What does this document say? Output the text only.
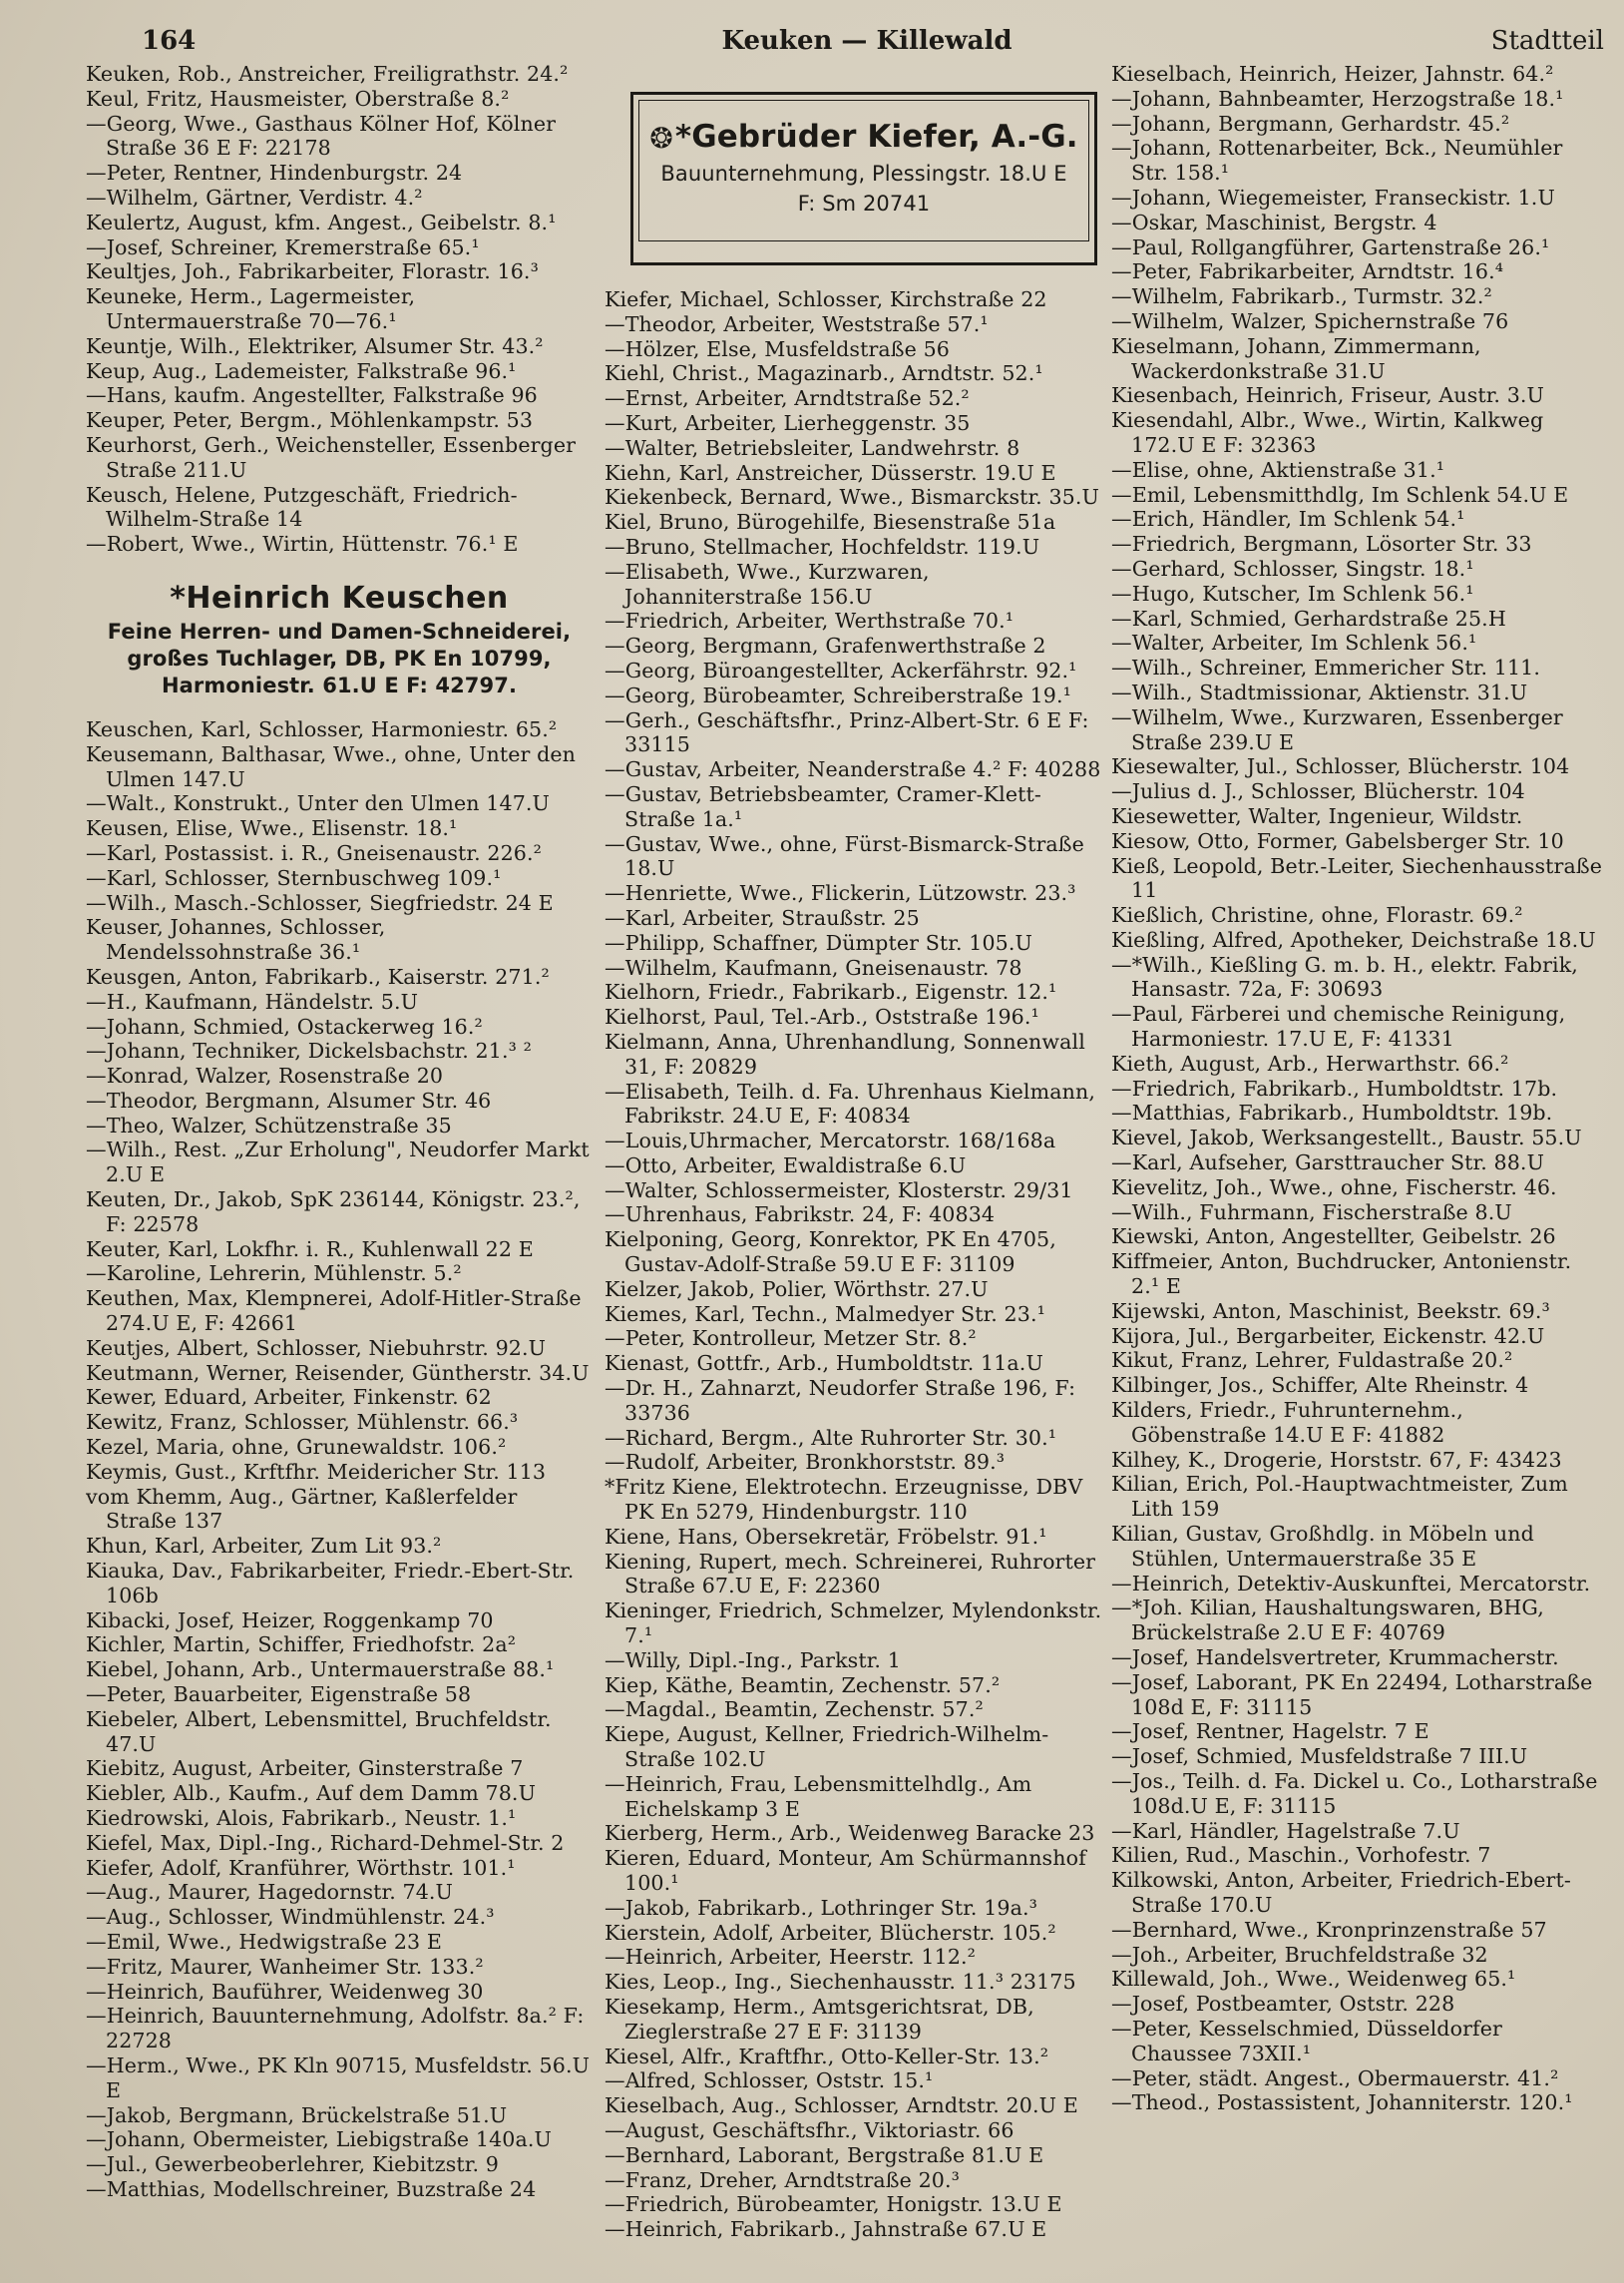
164	Keuken — Killewald	Stadtteil
Keuken, Rob., Anstreicher, Freiligrathstr. 24.²
Keul, Fritz, Hausmeister, Oberstraße 8.²
—Georg, Wwe., Gasthaus Kölner Hof, Kölner Straße 36 E F: 22178
—Peter, Rentner, Hindenburgstr. 24
—Wilhelm, Gärtner, Verdistr. 4.²
Keulertz, August, kfm. Angest., Geibelstr. 8.¹
—Josef, Schreiner, Kremerstraße 65.¹
Keultjes, Joh., Fabrikarbeiter, Florastr. 16.³
Keuneke, Herm., Lagermeister, Untermauerstraße 70—76.¹
Keuntje, Wilh., Elektriker, Alsumer Str. 43.²
Keup, Aug., Lademeister, Falkstraße 96.¹
—Hans, kaufm. Angestellter, Falkstraße 96
Keuper, Peter, Bergm., Möhlenkampstr. 53
Keurhorst, Gerh., Weichensteller, Essenberger Straße 211.U
Keusch, Helene, Putzgeschäft, Friedrich-Wilhelm-Straße 14
—Robert, Wwe., Wirtin, Hüttenstr. 76.¹ E
*Heinrich Keuschen
Feine Herren- und Damen-Schneiderei,
großes Tuchlager, DB, PK En 10799,
Harmoniestr. 61.U E F: 42797.
Keuschen, Karl, Schlosser, Harmoniestr. 65.²
Keusemann, Balthasar, Wwe., ohne, Unter den Ulmen 147.U
—Walt., Konstrukt., Unter den Ulmen 147.U
Keusen, Elise, Wwe., Elisenstr. 18.¹
—Karl, Postassist. i. R., Gneisenaustr. 226.²
—Karl, Schlosser, Sternbuschweg 109.¹
—Wilh., Masch.-Schlosser, Siegfriedstr. 24 E
Keuser, Johannes, Schlosser, Mendelssohnstraße 36.¹
Keusgen, Anton, Fabrikarb., Kaiserstr. 271.²
—H., Kaufmann, Händelstr. 5.U
—Johann, Schmied, Ostackerweg 16.²
—Johann, Techniker, Dickelsbachstr. 21.³ ²
—Konrad, Walzer, Rosenstraße 20
—Theodor, Bergmann, Alsumer Str. 46
—Theo, Walzer, Schützenstraße 35
—Wilh., Rest. „Zur Erholung", Neudorfer Markt 2.U E
Keuten, Dr., Jakob, SpK 236144, Königstr. 23.², F: 22578
Keuter, Karl, Lokfhr. i. R., Kuhlenwall 22 E
—Karoline, Lehrerin, Mühlenstr. 5.²
Keuthen, Max, Klempnerei, Adolf-Hitler-Straße 274.U E, F: 42661
Keutjes, Albert, Schlosser, Niebuhrstr. 92.U
Keutmann, Werner, Reisender, Güntherstr. 34.U
Kewer, Eduard, Arbeiter, Finkenstr. 62
Kewitz, Franz, Schlosser, Mühlenstr. 66.³
Kezel, Maria, ohne, Grunewaldstr. 106.²
Keymis, Gust., Krftfhr. Meidericher Str. 113
vom Khemm, Aug., Gärtner, Kaßlerfelder Straße 137
Khun, Karl, Arbeiter, Zum Lit 93.²
Kiauka, Dav., Fabrikarbeiter, Friedr.-Ebert-Str. 106b
Kibacki, Josef, Heizer, Roggenkamp 70
Kichler, Martin, Schiffer, Friedhofstr. 2a²
Kiebel, Johann, Arb., Untermauerstraße 88.¹
—Peter, Bauarbeiter, Eigenstraße 58
Kiebeler, Albert, Lebensmittel, Bruchfeldstr. 47.U
Kiebitz, August, Arbeiter, Ginsterstraße 7
Kiebler, Alb., Kaufm., Auf dem Damm 78.U
Kiedrowski, Alois, Fabrikarb., Neustr. 1.¹
Kiefel, Max, Dipl.-Ing., Richard-Dehmel-Str. 2
Kiefer, Adolf, Kranführer, Wörthstr. 101.¹
—Aug., Maurer, Hagedornstr. 74.U
—Aug., Schlosser, Windmühlenstr. 24.³
—Emil, Wwe., Hedwigstraße 23 E
—Fritz, Maurer, Wanheimer Str. 133.²
—Heinrich, Bauführer, Weidenweg 30
—Heinrich, Bauunternehmung, Adolfstr. 8a.² F: 22728
—Herm., Wwe., PK Kln 90715, Musfeldstr. 56.U E
—Jakob, Bergmann, Brückelstraße 51.U
—Johann, Obermeister, Liebigstraße 140a.U
—Jul., Gewerbeoberlehrer, Kiebitzstr. 9
—Matthias, Modellschreiner, Buzstraße 24
❂*Gebrüder Kiefer, A.-G.
Bauunternehmung, Plessingstr. 18.U E
F: Sm 20741
Kiefer, Michael, Schlosser, Kirchstraße 22
—Theodor, Arbeiter, Weststraße 57.¹
—Hölzer, Else, Musfeldstraße 56
Kiehl, Christ., Magazinarb., Arndtstr. 52.¹
—Ernst, Arbeiter, Arndtstraße 52.²
—Kurt, Arbeiter, Lierheggenstr. 35
—Walter, Betriebsleiter, Landwehrstr. 8
Kiehn, Karl, Anstreicher, Düsserstr. 19.U E
Kiekenbeck, Bernard, Wwe., Bismarckstr. 35.U
Kiel, Bruno, Bürogehilfe, Biesenstraße 51a
—Bruno, Stellmacher, Hochfeldstr. 119.U
—Elisabeth, Wwe., Kurzwaren, Johanniterstraße 156.U
—Friedrich, Arbeiter, Werthstraße 70.¹
—Georg, Bergmann, Grafenwerthstraße 2
—Georg, Büroangestellter, Ackerfährstr. 92.¹
—Georg, Bürobeamter, Schreiberstraße 19.¹
—Gerh., Geschäftsfhr., Prinz-Albert-Str. 6 E F: 33115
—Gustav, Arbeiter, Neanderstraße 4.² F: 40288
—Gustav, Betriebsbeamter, Cramer-Klett-Straße 1a.¹
—Gustav, Wwe., ohne, Fürst-Bismarck-Straße 18.U
—Henriette, Wwe., Flickerin, Lützowstr. 23.³
—Karl, Arbeiter, Straußstr. 25
—Philipp, Schaffner, Dümpter Str. 105.U
—Wilhelm, Kaufmann, Gneisenaustr. 78
Kielhorn, Friedr., Fabrikarb., Eigenstr. 12.¹
Kielhorst, Paul, Tel.-Arb., Oststraße 196.¹
Kielmann, Anna, Uhrenhandlung, Sonnenwall 31, F: 20829
—Elisabeth, Teilh. d. Fa. Uhrenhaus Kielmann, Fabrikstr. 24.U E, F: 40834
—Louis,Uhrmacher, Mercatorstr. 168/168a
—Otto, Arbeiter, Ewaldistraße 6.U
—Walter, Schlossermeister, Klosterstr. 29/31
—Uhrenhaus, Fabrikstr. 24, F: 40834
Kielponing, Georg, Konrektor, PK En 4705, Gustav-Adolf-Straße 59.U E F: 31109
Kielzer, Jakob, Polier, Wörthstr. 27.U
Kiemes, Karl, Techn., Malmedyer Str. 23.¹
—Peter, Kontrolleur, Metzer Str. 8.²
Kienast, Gottfr., Arb., Humboldtstr. 11a.U
—Dr. H., Zahnarzt, Neudorfer Straße 196, F: 33736
—Richard, Bergm., Alte Ruhrorter Str. 30.¹
—Rudolf, Arbeiter, Bronkhorststr. 89.³
*Fritz Kiene, Elektrotechn. Erzeugnisse, DBV PK En 5279, Hindenburgstr. 110
Kiene, Hans, Obersekretär, Fröbelstr. 91.¹
Kiening, Rupert, mech. Schreinerei, Ruhrorter Straße 67.U E, F: 22360
Kieninger, Friedrich, Schmelzer, Mylendonkstr. 7.¹
—Willy, Dipl.-Ing., Parkstr. 1
Kiep, Käthe, Beamtin, Zechenstr. 57.²
—Magdal., Beamtin, Zechenstr. 57.²
Kiepe, August, Kellner, Friedrich-Wilhelm-Straße 102.U
—Heinrich, Frau, Lebensmittelhdlg., Am Eichelskamp 3 E
Kierberg, Herm., Arb., Weidenweg Baracke 23
Kieren, Eduard, Monteur, Am Schürmannshof 100.¹
—Jakob, Fabrikarb., Lothringer Str. 19a.³
Kierstein, Adolf, Arbeiter, Blücherstr. 105.²
—Heinrich, Arbeiter, Heerstr. 112.²
Kies, Leop., Ing., Siechenhausstr. 11.³ 23175
Kiesekamp, Herm., Amtsgerichtsrat, DB, Zieglerstraße 27 E F: 31139
Kiesel, Alfr., Kraftfhr., Otto-Keller-Str. 13.²
—Alfred, Schlosser, Oststr. 15.¹
Kieselbach, Aug., Schlosser, Arndtstr. 20.U E
—August, Geschäftsfhr., Viktoriastr. 66
—Bernhard, Laborant, Bergstraße 81.U E
—Franz, Dreher, Arndtstraße 20.³
—Friedrich, Bürobeamter, Honigstr. 13.U E
—Heinrich, Fabrikarb., Jahnstraße 67.U E
Kieselbach, Heinrich, Heizer, Jahnstr. 64.²
—Johann, Bahnbeamter, Herzogstraße 18.¹
—Johann, Bergmann, Gerhardstr. 45.²
—Johann, Rottenarbeiter, Bck., Neumühler Str. 158.¹
—Johann, Wiegemeister, Franseckistr. 1.U
—Oskar, Maschinist, Bergstr. 4
—Paul, Rollgangführer, Gartenstraße 26.¹
—Peter, Fabrikarbeiter, Arndtstr. 16.⁴
—Wilhelm, Fabrikarb., Turmstr. 32.²
—Wilhelm, Walzer, Spichernstraße 76
Kieselmann, Johann, Zimmermann, Wackerdonkstraße 31.U
Kiesenbach, Heinrich, Friseur, Austr. 3.U
Kiesendahl, Albr., Wwe., Wirtin, Kalkweg 172.U E F: 32363
—Elise, ohne, Aktienstraße 31.¹
—Emil, Lebensmitthdlg, Im Schlenk 54.U E
—Erich, Händler, Im Schlenk 54.¹
—Friedrich, Bergmann, Lösorter Str. 33
—Gerhard, Schlosser, Singstr. 18.¹
—Hugo, Kutscher, Im Schlenk 56.¹
—Karl, Schmied, Gerhardstraße 25.H
—Walter, Arbeiter, Im Schlenk 56.¹
—Wilh., Schreiner, Emmericher Str. 111.
—Wilh., Stadtmissionar, Aktienstr. 31.U
—Wilhelm, Wwe., Kurzwaren, Essenberger Straße 239.U E
Kiesewalter, Jul., Schlosser, Blücherstr. 104
—Julius d. J., Schlosser, Blücherstr. 104
Kiesewetter, Walter, Ingenieur, Wildstr.
Kiesow, Otto, Former, Gabelsberger Str. 10
Kieß, Leopold, Betr.-Leiter, Siechenhausstraße 11
Kießlich, Christine, ohne, Florastr. 69.²
Kießling, Alfred, Apotheker, Deichstraße 18.U
—*Wilh., Kießling G. m. b. H., elektr. Fabrik, Hansastr. 72a, F: 30693
—Paul, Färberei und chemische Reinigung, Harmoniestr. 17.U E, F: 41331
Kieth, August, Arb., Herwarthstr. 66.²
—Friedrich, Fabrikarb., Humboldtstr. 17b.
—Matthias, Fabrikarb., Humboldtstr. 19b.
Kievel, Jakob, Werksangestellt., Baustr. 55.U
—Karl, Aufseher, Garsttraucher Str. 88.U
Kievelitz, Joh., Wwe., ohne, Fischerstr. 46.
—Wilh., Fuhrmann, Fischerstraße 8.U
Kiewski, Anton, Angestellter, Geibelstr. 26
Kiffmeier, Anton, Buchdrucker, Antonienstr. 2.¹ E
Kijewski, Anton, Maschinist, Beekstr. 69.³
Kijora, Jul., Bergarbeiter, Eickenstr. 42.U
Kikut, Franz, Lehrer, Fuldastraße 20.²
Kilbinger, Jos., Schiffer, Alte Rheinstr. 4
Kilders, Friedr., Fuhrunternehm., Göbenstraße 14.U E F: 41882
Kilhey, K., Drogerie, Horststr. 67, F: 43423
Kilian, Erich, Pol.-Hauptwachtmeister, Zum Lith 159
Kilian, Gustav, Großhdlg. in Möbeln und Stühlen, Untermauerstraße 35 E
—Heinrich, Detektiv-Auskunftei, Mercatorstr.
—*Joh. Kilian, Haushaltungswaren, BHG, Brückelstraße 2.U E F: 40769
—Josef, Handelsvertreter, Krummacherstr.
—Josef, Laborant, PK En 22494, Lotharstraße 108d E, F: 31115
—Josef, Rentner, Hagelstr. 7 E
—Josef, Schmied, Musfeldstraße 7 III.U
—Jos., Teilh. d. Fa. Dickel u. Co., Lotharstraße 108d.U E, F: 31115
—Karl, Händler, Hagelstraße 7.U
Kilien, Rud., Maschin., Vorhofestr. 7
Kilkowski, Anton, Arbeiter, Friedrich-Ebert-Straße 170.U
—Bernhard, Wwe., Kronprinzenstraße 57
—Joh., Arbeiter, Bruchfeldstraße 32
Killewald, Joh., Wwe., Weidenweg 65.¹
—Josef, Postbeamter, Oststr. 228
—Peter, Kesselschmied, Düsseldorfer Chaussee 73XII.¹
—Peter, städt. Angest., Obermauerstr. 41.²
—Theod., Postassistent, Johanniterstr. 120.¹
